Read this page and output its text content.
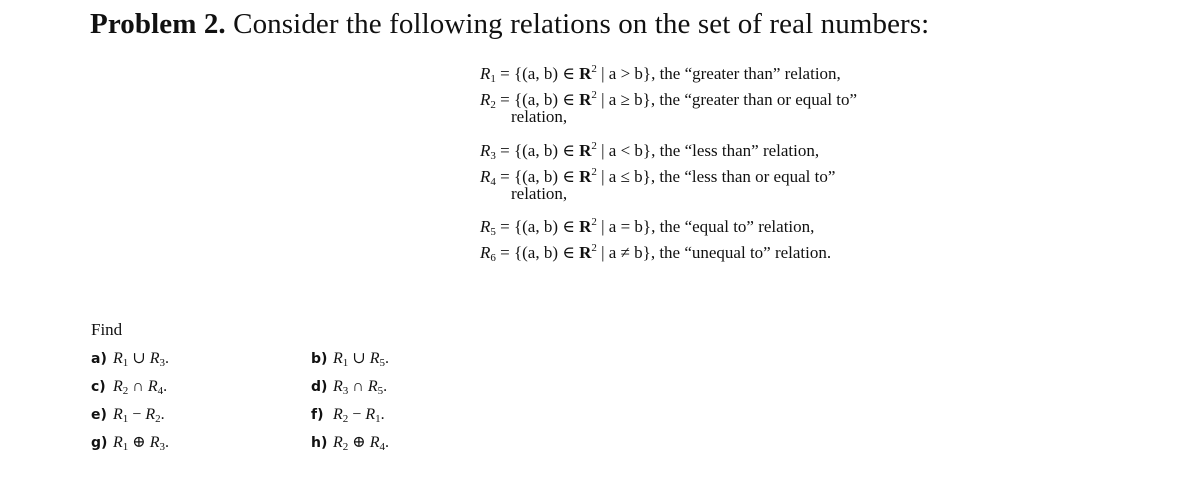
Problem 2. Consider the following relations on the set of real numbers:
$R_1 = \{(a$, b) ∈ $R^2$ | a > b}, the “greater than” relation,
$R_2 = \{(a$, b) ∈ $R^2$ | a ≥ b}, the “greater than or equal to”
relation,
$R_3 = \{(a$, b) ∈ $R^2$ | a < b}, the “less than” relation,
$R_4 = \{(a$, b) ∈ $R^2$ | a ≤ b}, the “less than or equal to”
relation,
$R_5 = \{(a$, b) ∈ $R^2$ | a = b}, the “equal to” relation,
$R_6 = \{(a$, b) ∈ $R^2$ | a ≠ b}, the “unequal to” relation.
Find
a) $R_1$ ∪ $R_3$.
c) $R_2$ ∩ $R_4$.
e) $R_1 - R_2$.
g) $R_1$ ⊕ $R_3$.
b) $R_1$ ∪ $R_5$.
d) $R_3$ ∩ $R_5$.
f) $R_2 - R_1$.
h) $R_2$ ⊕ $R_4$.
